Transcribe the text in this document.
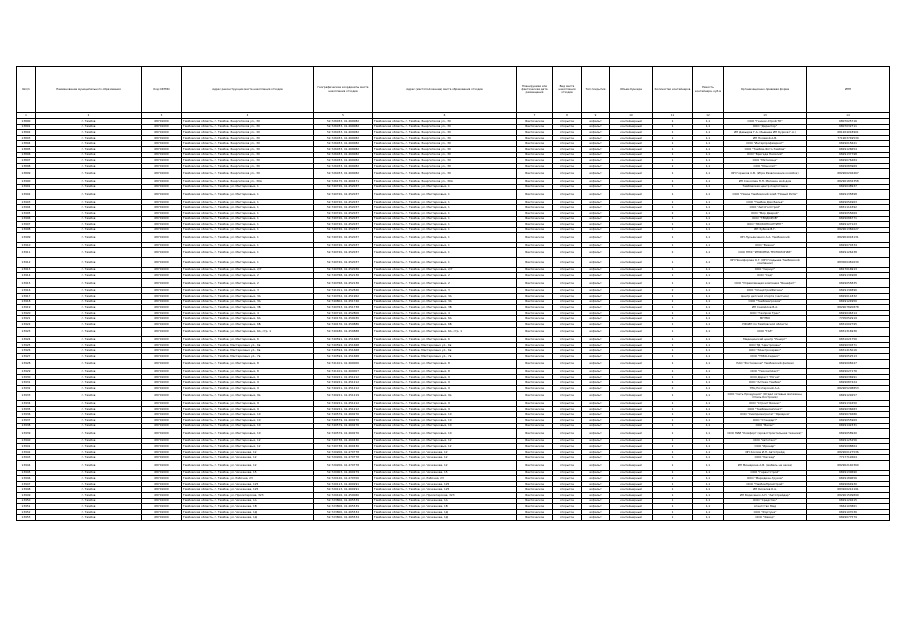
№п/п	Наименование муниципального образования	Код ОКТМО	Адрес реконструкции места накопления отходов	Географические координаты места накопления отходов	Адрес (местоположение) места образования отходов	Планируемая или фактическая дата размещения	Вид места накопления отходов	Тип покрытия	Объем бункера	Количество контейнеров	Емкость контейнера, куб.м	Организационно-правовая форма	ИНН
1	2	3	4	5	6	7	8	9	10	11	12	13	14
13890	г. Тамбов	68701000	Тамбовская область, г. Тамбов, Энергетиков ул., 30	52.726033, 41.460082	Тамбовская область, г. Тамбов, Энергетиков ул., 30	Фактическое	открытое	асфальт	контейнерный	1	1,1	ООО "Генчик-Строй ТК"	6807025716
13891	г. Тамбов	68701000	Тамбовская область, г. Тамбов, Энергетиков ул., 30	52.726033, 41.460082	Тамбовская область, г. Тамбов, Энергетиков ул., 30	Фактическое	открытое	асфальт	контейнерный	1	1,1	ООО "Директор"	6807032711
13892	г. Тамбов	68701000	Тамбовская область, г. Тамбов, Энергетиков ул., 30	52.726033, 41.460082	Тамбовская область, г. Тамбов, Энергетиков ул., 30	Фактическое	открытое	асфальт	контейнерный	1	1,1	ИП Давыдов Г.А. (бывшее ИП Курков Г.А.)	681204018901
13893	г. Тамбов	68701000	Тамбовская область, г. Тамбов, Энергетиков ул., 30	52.726033, 41.460082	Тамбовская область, г. Тамбов, Энергетиков ул., 30	Фактическое	открытое	асфальт	контейнерный	1	1,1	ИП Полевой А.В.	771903749530
13894	г. Тамбов	68701000	Тамбовская область, г. Тамбов, Энергетиков ул., 30	52.726033, 41.460082	Тамбовская область, г. Тамбов, Энергетиков ул., 30	Фактическое	открытое	асфальт	контейнерный	1	1,1	ООО "Интерпрофмаркет"	6829015621
13895	г. Тамбов	68701000	Тамбовская область, г. Тамбов, Энергетиков ул., 30	52.726033, 41.460082	Тамбовская область, г. Тамбов, Энергетиков ул., 30	Фактическое	открытое	асфальт	контейнерный	1	1,1	ООО "Тамбов-Фото-Тамбов"	6829126654
13896	г. Тамбов	68701000	Тамбовская область, г. Тамбов, Энергетиков ул., 30	52.726033, 41.460082	Тамбовская область, г. Тамбов, Энергетиков ул., 30	Фактическое	открытое	асфальт	контейнерный	1	1,1	ООО "Бригада Насилий"	6829137798
13897	г. Тамбов	68701000	Тамбовская область, г. Тамбов, Энергетиков ул., 30	52.726033, 41.460082	Тамбовская область, г. Тамбов, Энергетиков ул., 30	Фактическое	открытое	асфальт	контейнерный	1	1,1	ООО "Метелица"	6829076484
13898	г. Тамбов	68701000	Тамбовская область, г. Тамбов, Энергетиков ул., 30	52.726033, 41.460082	Тамбовская область, г. Тамбов, Энергетиков ул., 30	Фактическое	открытое	асфальт	контейнерный	1	1,1	ООО "Монолит"	6829083969
13899	г. Тамбов	68701000	Тамбовская область, г. Тамбов, Энергетиков ул., 30	52.726033, 41.460082	Тамбовская область, г. Тамбов, Энергетиков ул., 30	Фактическое	открытое	асфальт	контейнерный	1	1,1	ИП Горшков С.В. (Игра Развлечение колобок)	682900204467
13900	г. Тамбов	68701000	Тамбовская область, г. Тамбов, Энергетиков ул., 30А	52.726175, 41.460471	Тамбовская область, г. Тамбов, Энергетиков ул., 30А	Фактическое	открытое	асфальт	контейнерный	1	1,1	ИП Соколова Н.Н. Магазин мой дом	682901832358
13901	г. Тамбов	68701000	Тамбовская область, г. Тамбов, ул. Мастерковых, 1	52.740720, 41.452037	Тамбовская область, г. Тамбов, ул. Мастерковых, 1	Фактическое	открытое	асфальт	контейнерный	1	1,1	Тамбовская центр подготовки	6829048937
13902	г. Тамбов	68701000	Тамбовская область, г. Тамбов, ул. Мастерковых, 1	52.740720, 41.452037	Тамбовская область, г. Тамбов, ул. Мастерковых, 1	Фактическое	открытое	асфальт	контейнерный	1	1,1	ООО "Новое Тамбовский хлеб "Новый Ритм"	6829135898
13903	г. Тамбов	68701000	Тамбовская область, г. Тамбов, ул. Мастерковых, 1	52.740720, 41.452037	Тамбовская область, г. Тамбов, ул. Мастерковых, 1	Фактическое	открытое	асфальт	контейнерный	1	1,1	ООО "Тамбов Дом Белья"	6829054963
13904	г. Тамбов	68701000	Тамбовская область, г. Тамбов, ул. Мастерковых, 1	52.740720, 41.452037	Тамбовская область, г. Тамбов, ул. Мастерковых, 1	Фактическое	открытое	асфальт	контейнерный	1	1,1	ООО "АвтоГэсСтрой"	6831114392
13905	г. Тамбов	68701000	Тамбовская область, г. Тамбов, ул. Мастерковых, 1	52.740720, 41.452037	Тамбовская область, г. Тамбов, ул. Мастерковых, 1	Фактическое	открытое	асфальт	контейнерный	2	1,1	ООО "Мир Дверей"	6829055669
13906	г. Тамбов	68701000	Тамбовская область, г. Тамбов, ул. Мастерковых, 1	52.740720, 41.452037	Тамбовская область, г. Тамбов, ул. Мастерковых, 1	Фактическое	открытое	асфальт	контейнерный	1	1,1	ООО "ГЕЙДОРОВ"	6829086771
13907	г. Тамбов	68701000	Тамбовская область, г. Тамбов, ул. Мастерковых, 1	52.740720, 41.452037	Тамбовская область, г. Тамбов, ул. Мастерковых, 1	Фактическое	открытое	асфальт	контейнерный	1	1,1	ООО "ЭКОКОНСАЛТИНГ"	6829127123
13908	г. Тамбов	68701000	Тамбовская область, г. Тамбов, ул. Мастерковых, 1	52.740720, 41.452037	Тамбовская область, г. Тамбов, ул. Мастерковых, 1	Фактическое	открытое	асфальт	контейнерный	1	1,1	ИП Зубков В.Г.	682901382027
13909	г. Тамбов	68701000	Тамбовская область, г. Тамбов, ул. Мастерковых, 1	52.740720, 41.452037	Тамбовская область, г. Тамбов, ул. Мастерковых, 1	Фактическое	открытое	асфальт	контейнерный	1	1,1	ИП Лукьянченко А.А. Тамбовский	682904018131
13910	г. Тамбов	68701000	Тамбовская область, г. Тамбов, ул. Мастерковых, 1	52.740720, 41.452037	Тамбовская область, г. Тамбов, ул. Мастерковых, 1	Фактическое	открытое	асфальт	контейнерный	1	1,1	ООО "Вижен"	6829070334
13911	г. Тамбов	68701000	Тамбовская область, г. Тамбов, ул. Мастерковых, 1	52.740720, 41.452037	Тамбовская область, г. Тамбов, ул. Мастерковых, 1	Фактическое	открытое	асфальт	контейнерный	2	1,1	ООО НПФ "ИНФОРМА ТЕХНОЛОГИИ"	6829126438
13912	г. Тамбов	68701000	Тамбовская область, г. Тамбов, ул. Мастерковых, 1	52.740720, 41.452037	Тамбовская область, г. Тамбов, ул. Мастерковых, 1	Фактическое	открытое	асфальт	контейнерный	1	1,1	ИП Никифорова О.Г. (ИП Гладьева Тамбовской компании)	683000481630
13913	г. Тамбов	68701000	Тамбовская область, г. Тамбов, ул. Мастерковых, 2/7	52.740768, 41.452036	Тамбовская область, г. Тамбов, ул. Мастерковых, 2/7	Фактическое	открытое	асфальт	контейнерный	1	1,1	ООО "Сириус"	6817016913
13914	г. Тамбов	68701000	Тамбовская область, г. Тамбов, ул. Мастерковых, 2	52.740768, 41.452136	Тамбовская область, г. Тамбов, ул. Мастерковых, 2	Фактическое	открытое	асфальт	контейнерный	1	1,1	ООО "Сад"	6829134908
13915	г. Тамбов	68701000	Тамбовская область, г. Тамбов, ул. Мастерковых, 2	52.740768, 41.452136	Тамбовская область, г. Тамбов, ул. Мастерковых, 2	Фактическое	открытое	асфальт	контейнерный	1	1,1	ООО "Управляющая компания "Бенефит"	6829055835
13916	г. Тамбов	68701000	Тамбовская область, г. Тамбов, ул. Мастерковых, 3	52.741011, 41.452846	Тамбовская область, г. Тамбов, ул. Мастерковых, 3	Фактическое	открытое	асфальт	контейнерный	2	1,1	ООО "СпецСтройРегион"	6829134896
13917	г. Тамбов	68701000	Тамбовская область, г. Тамбов, ул. Мастерковых, 3А	52.740762, 41.451962	Тамбовская область, г. Тамбов, ул. Мастерковых, 3А	Фактическое	открытое	асфальт	контейнерный	1	1,1	Центр детской спорта (частное)	6829011832
13918	г. Тамбов	68701000	Тамбовская область, г. Тамбов, ул. Мастерковых, 3А	52.740802, 41.451746	Тамбовская область, г. Тамбов, ул. Мастерковых, 3А	Фактическое	открытое	асфальт	контейнерный	1	1,1	ООО "Тамбовагрохим"	6829124950
13919	г. Тамбов	68701000	Тамбовская область, г. Тамбов, ул. Мастерковых, 3Б	52.740763, 41.451738	Тамбовская область, г. Тамбов, ул. Мастерковых, 3Б	Фактическое	открытое	асфальт	контейнерный	1	1,1	ИП Самойлов В.А.	682907820878
13920	г. Тамбов	68701000	Тамбовская область, г. Тамбов, ул. Мастерковых, 4	52.740716, 41.452806	Тамбовская область, г. Тамбов, ул. Мастерковых, 4	Фактическое	открытое	асфальт	контейнерный	1	1,1	ООО "Газпром Трак"	6829046314
13921	г. Тамбов	68701000	Тамбовская область, г. Тамбов, ул. Мастерковых, 6А	52.740176, 41.450030	Тамбовская область, г. Тамбов, ул. Мастерковых, 6А	Фактическое	открытое	асфальт	контейнерный	1	1,1	МПТБК	7705052919
13922	г. Тамбов	68701000	Тамбовская область, г. Тамбов, ул. Мастерковых, 6Б	52.740176, 41.450886	Тамбовская область, г. Тамбов, ул. Мастерковых, 6Б	Фактическое	открытое	асфальт	контейнерный	1	1,1	УФСИН по Тамбовской области	6831002795
13923	г. Тамбов	68701000	Тамбовская область, г. Тамбов, ул. Мастерковых, 6А, стр. 1	52.740180, 41.450888	Тамбовская область, г. Тамбов, ул. Мастерковых, 6А, стр. 1	Фактическое	открытое	асфальт	контейнерный	1	1,1	ООО "ГАЗ"	6831316936
13924	г. Тамбов	68701000	Тамбовская область, г. Тамбов, ул. Мастерковых, 6	52.740591, 41.451668	Тамбовская область, г. Тамбов, ул. Мастерковых, 6	Фактическое	открытое	асфальт	контейнерный	1	1,1	Медицинский центр "Ренорт"	6831021756
13925	г. Тамбов	68701000	Тамбовская область, г. Тамбов, Мастерковых ул., 6в	52.740594, 41.451668	Тамбовская область, г. Тамбов, Мастерковых ул., 6в	Фактическое	открытое	асфальт	контейнерный	1	1,1	ООО ТД "Центромаш"	6829030371
13926	г. Тамбов	68701000	Тамбовская область, г. Тамбов, Мастерковых ул., 6в	52.740594, 41.451668	Тамбовская область, г. Тамбов, Мастерковых ул., 6в	Фактическое	открытое	асфальт	контейнерный	1	1,1	ООО "Электросервис"	6831415016
13927	г. Тамбов	68701000	Тамбовская область, г. Тамбов, Мастерковых ул., 7в	52.740594, 41.451668	Тамбовская область, г. Тамбов, Мастерковых ул., 7в	Фактическое	открытое	асфальт	контейнерный	1	1,1	ООО "ТЭКО-Сервис"	6829052513
13928	г. Тамбов	68701000	Тамбовская область, г. Тамбов, ул. Мастерковых, 8	52.741101, 41.460000	Тамбовская область, г. Тамбов, ул. Мастерковых, 8	Фактическое	открытое	асфальт	контейнерный	1	1,1	ПАО "Ростелеком" Тамбовский филиал	6829008247
13929	г. Тамбов	68701000	Тамбовская область, г. Тамбов, ул. Мастерковых, 8	52.741101, 41.460007	Тамбовская область, г. Тамбов, ул. Мастерковых, 8	Фактическое	открытое	асфальт	контейнерный	1	1,1	ООО "Техкомплект"	6829027176
13930	г. Тамбов	68701000	Тамбовская область, г. Тамбов, ул. Мастерковых, 9	52.740221, 41.451212	Тамбовская область, г. Тамбов, ул. Мастерковых, 9	Фактическое	открытое	асфальт	контейнерный	1	1,1	ООО Дорест "Югни"	6829036991
13931	г. Тамбов	68701000	Тамбовская область, г. Тамбов, ул. Мастерковых, 9	52.740221, 41.451212	Тамбовская область, г. Тамбов, ул. Мастерковых, 9	Фактическое	открытое	асфальт	контейнерный	1	1,1	ООО "Аптеки Тамбов"	6829087424
13932	г. Тамбов	68701000	Тамбовская область, г. Тамбов, ул. Мастерковых, 9	52.740221, 41.451212	Тамбовская область, г. Тамбов, ул. Мастерковых, 9	Фактическое	открытое	асфальт	контейнерный	2	1,1	ТРЦ Почтарский А.А.	682905208853
13933	г. Тамбов	68701000	Тамбовская область, г. Тамбов, ул. Мастерковых, 9а	52.740221, 41.451219	Тамбовская область, г. Тамбов, ул. Мастерковых, 9а	Фактическое	открытое	асфальт	контейнерный	1	1,1	ООО "Сеть Продукция" (Отдел сетевые магазины, Отель Кострома)	6829129257
13934	г. Тамбов	68701000	Тамбовская область, г. Тамбов, ул. Мастерковых, 9	52.740221, 41.451212	Тамбовская область, г. Тамбов, ул. Мастерковых, 9	Фактическое	открытое	асфальт	контейнерный	1	1,1	ООО "Строит Бизнес"	6829131650
13935	г. Тамбов	68701000	Тамбовская область, г. Тамбов, ул. Мастерковых, 9	52.740221, 41.451212	Тамбовская область, г. Тамбов, ул. Мастерковых, 9	Фактическое	открытое	асфальт	контейнерный	1	1,1	ООО "Тамбовкомплект"	6829036683
13936	г. Тамбов	68701000	Тамбовская область, г. Тамбов, ул. Мастерковых, 10	52.740579, 41.460276	Тамбовская область, г. Тамбов, ул. Мастерковых, 10	Фактическое	открытое	асфальт	контейнерный	1	1,1	ООО "Химпромагрегат "Ярмарка"	6829074686
13937	г. Тамбов	68701000	Тамбовская область, г. Тамбов, ул. Мастерковых, 10	52.740579, 41.460276	Тамбовская область, г. Тамбов, ул. Мастерковых, 10	Фактическое	открытое	асфальт	контейнерный	1	1,1	ООО "Стандарт"	6829055969
13938	г. Тамбов	68701000	Тамбовская область, г. Тамбов, ул. Мастерковых, 10	52.740579, 41.460276	Тамбовская область, г. Тамбов, ул. Мастерковых, 10	Фактическое	открытое	асфальт	контейнерный	1	1,1	ООО "Велес"	6829142331
13939	г. Тамбов	68701000	Тамбовская область, г. Тамбов, ул. Мастерковых, 10	52.740579, 41.460276	Тамбовская область, г. Тамбов, ул. Мастерковых, 10	Фактическое	открытое	асфальт	контейнерный	1	1,1	ООО НИИ "Комфорт (кров-Строительная техника)"	6829058940
13940	г. Тамбов	68701000	Тамбовская область, г. Тамбов, ул. Мастерковых, 12	52.740738, 41.460436	Тамбовская область, г. Тамбов, ул. Мастерковых, 12	Фактическое	открытое	асфальт	контейнерный	1	1,1	ООО "Автотекс"	6829125256
13941	г. Тамбов	68701000	Тамбовская область, г. Тамбов, ул. Мастерковых, 12	52.740738, 41.460436	Тамбовская область, г. Тамбов, ул. Мастерковых, 12	Фактическое	открытое	асфальт	контейнерный	1	1,1	ООО "Иренар"	6829098864
13942	г. Тамбов	68701000	Тамбовская область, г. Тамбов, ул. Чичканова, 12	52.720206, 41.470778	Тамбовская область, г. Тамбов, ул. Чичканова, 12	Фактическое	открытое	асфальт	контейнерный	1	1,1	ИП Хохлов И.Н. Автотрейд	682900127536
13943	г. Тамбов	68701000	Тамбовская область, г. Тамбов, ул. Чичканова, 12	52.720206, 41.470778	Тамбовская область, г. Тамбов, ул. Чичканова, 12	Фактическое	открытое	асфальт	контейнерный	1	1,1	ООО "Каскад"	7717712664
13944	г. Тамбов	68701000	Тамбовская область, г. Тамбов, ул. Чичканова, 12	52.720206, 41.470778	Тамбовская область, г. Тамбов, ул. Чичканова, 12	Фактическое	открытое	асфальт	контейнерный	1	1,1	ИП Мишарина А.В. (мебель на заказ)	682902140360
13945	г. Тамбов	68701000	Тамбовская область, г. Тамбов, ул. Чичканова, 15	52.720003, 41.460279	Тамбовская область, г. Тамбов, ул. Чичканова, 15	Фактическое	открытое	асфальт	контейнерный	1	1,1	ООО "Гарантстрой"	6829130690
13946	г. Тамбов	68701000	Тамбовская область, г. Тамбов, ул. Рабочая, 23	52.720120, 41.470700	Тамбовская область, г. Тамбов, ул. Рабочая, 23	Фактическое	открытое	асфальт	контейнерный	1	1,1	ООО "Меридиан-Грузов"	6829189656
13947	г. Тамбов	68701000	Тамбовская область, г. Тамбов, ул. Чичканова, 125	52.720113, 41.460291	Тамбовская область, г. Тамбов, ул. Чичканова, 125	Фактическое	открытое	асфальт	контейнерный	1	1,1	ООО "ТамбовПромСтрой"	6829064930
13948	г. Тамбов	68701000	Тамбовская область, г. Тамбов, ул. Чичканова, 125	52.720113, 41.460291	Тамбовская область, г. Тамбов, ул. Чичканова, 125	Фактическое	открытое	асфальт	контейнерный	1	1,1	ИП Киселев К.А.	683200212191
13949	г. Тамбов	68701000	Тамбовская область, г. Тамбов, ул. Пролетарская, 323	52.720416, 41.450060	Тамбовская область, г. Тамбов, ул. Пролетарская, 323	Фактическое	открытое	асфальт	контейнерный	1	1,1	ИП Борисенко А.Н. "Автотрейдер"	682901509899
13950	г. Тамбов	68701000	Тамбовская область, г. Тамбов, ул. Чичканова, 1А	52.723806, 41.465539	Тамбовская область, г. Тамбов, ул. Чичканова, 1А	Фактическое	открытое	асфальт	контейнерный	1	1,1	ООО "Средство"	6829129415
13951	г. Тамбов	68701000	Тамбовская область, г. Тамбов, ул. Чичканова, 1В	52.723806, 41.465539	Тамбовская область, г. Тамбов, ул. Чичканова, 1В	Фактическое	открытое	асфальт	контейнерный	1	1,1	Агентство Мед	3664103861
13952	г. Тамбов	68701000	Тамбовская область, г. Тамбов, ул. Чичканова, 1Д	52.723800, 41.465534	Тамбовская область, г. Тамбов, ул. Чичканова, 1Д	Фактическое	открытое	асфальт	контейнерный	1	1,1	ООО "Фортуна"	6829107036
13953	г. Тамбов	68701000	Тамбовская область, г. Тамбов, ул. Чичканова, 1Д	52.723800, 41.465534	Тамбовская область, г. Тамбов, ул. Чичканова, 1Д	Фактическое	открытое	асфальт	контейнерный	1	1,1	ООО "Фавор"	6829077579
